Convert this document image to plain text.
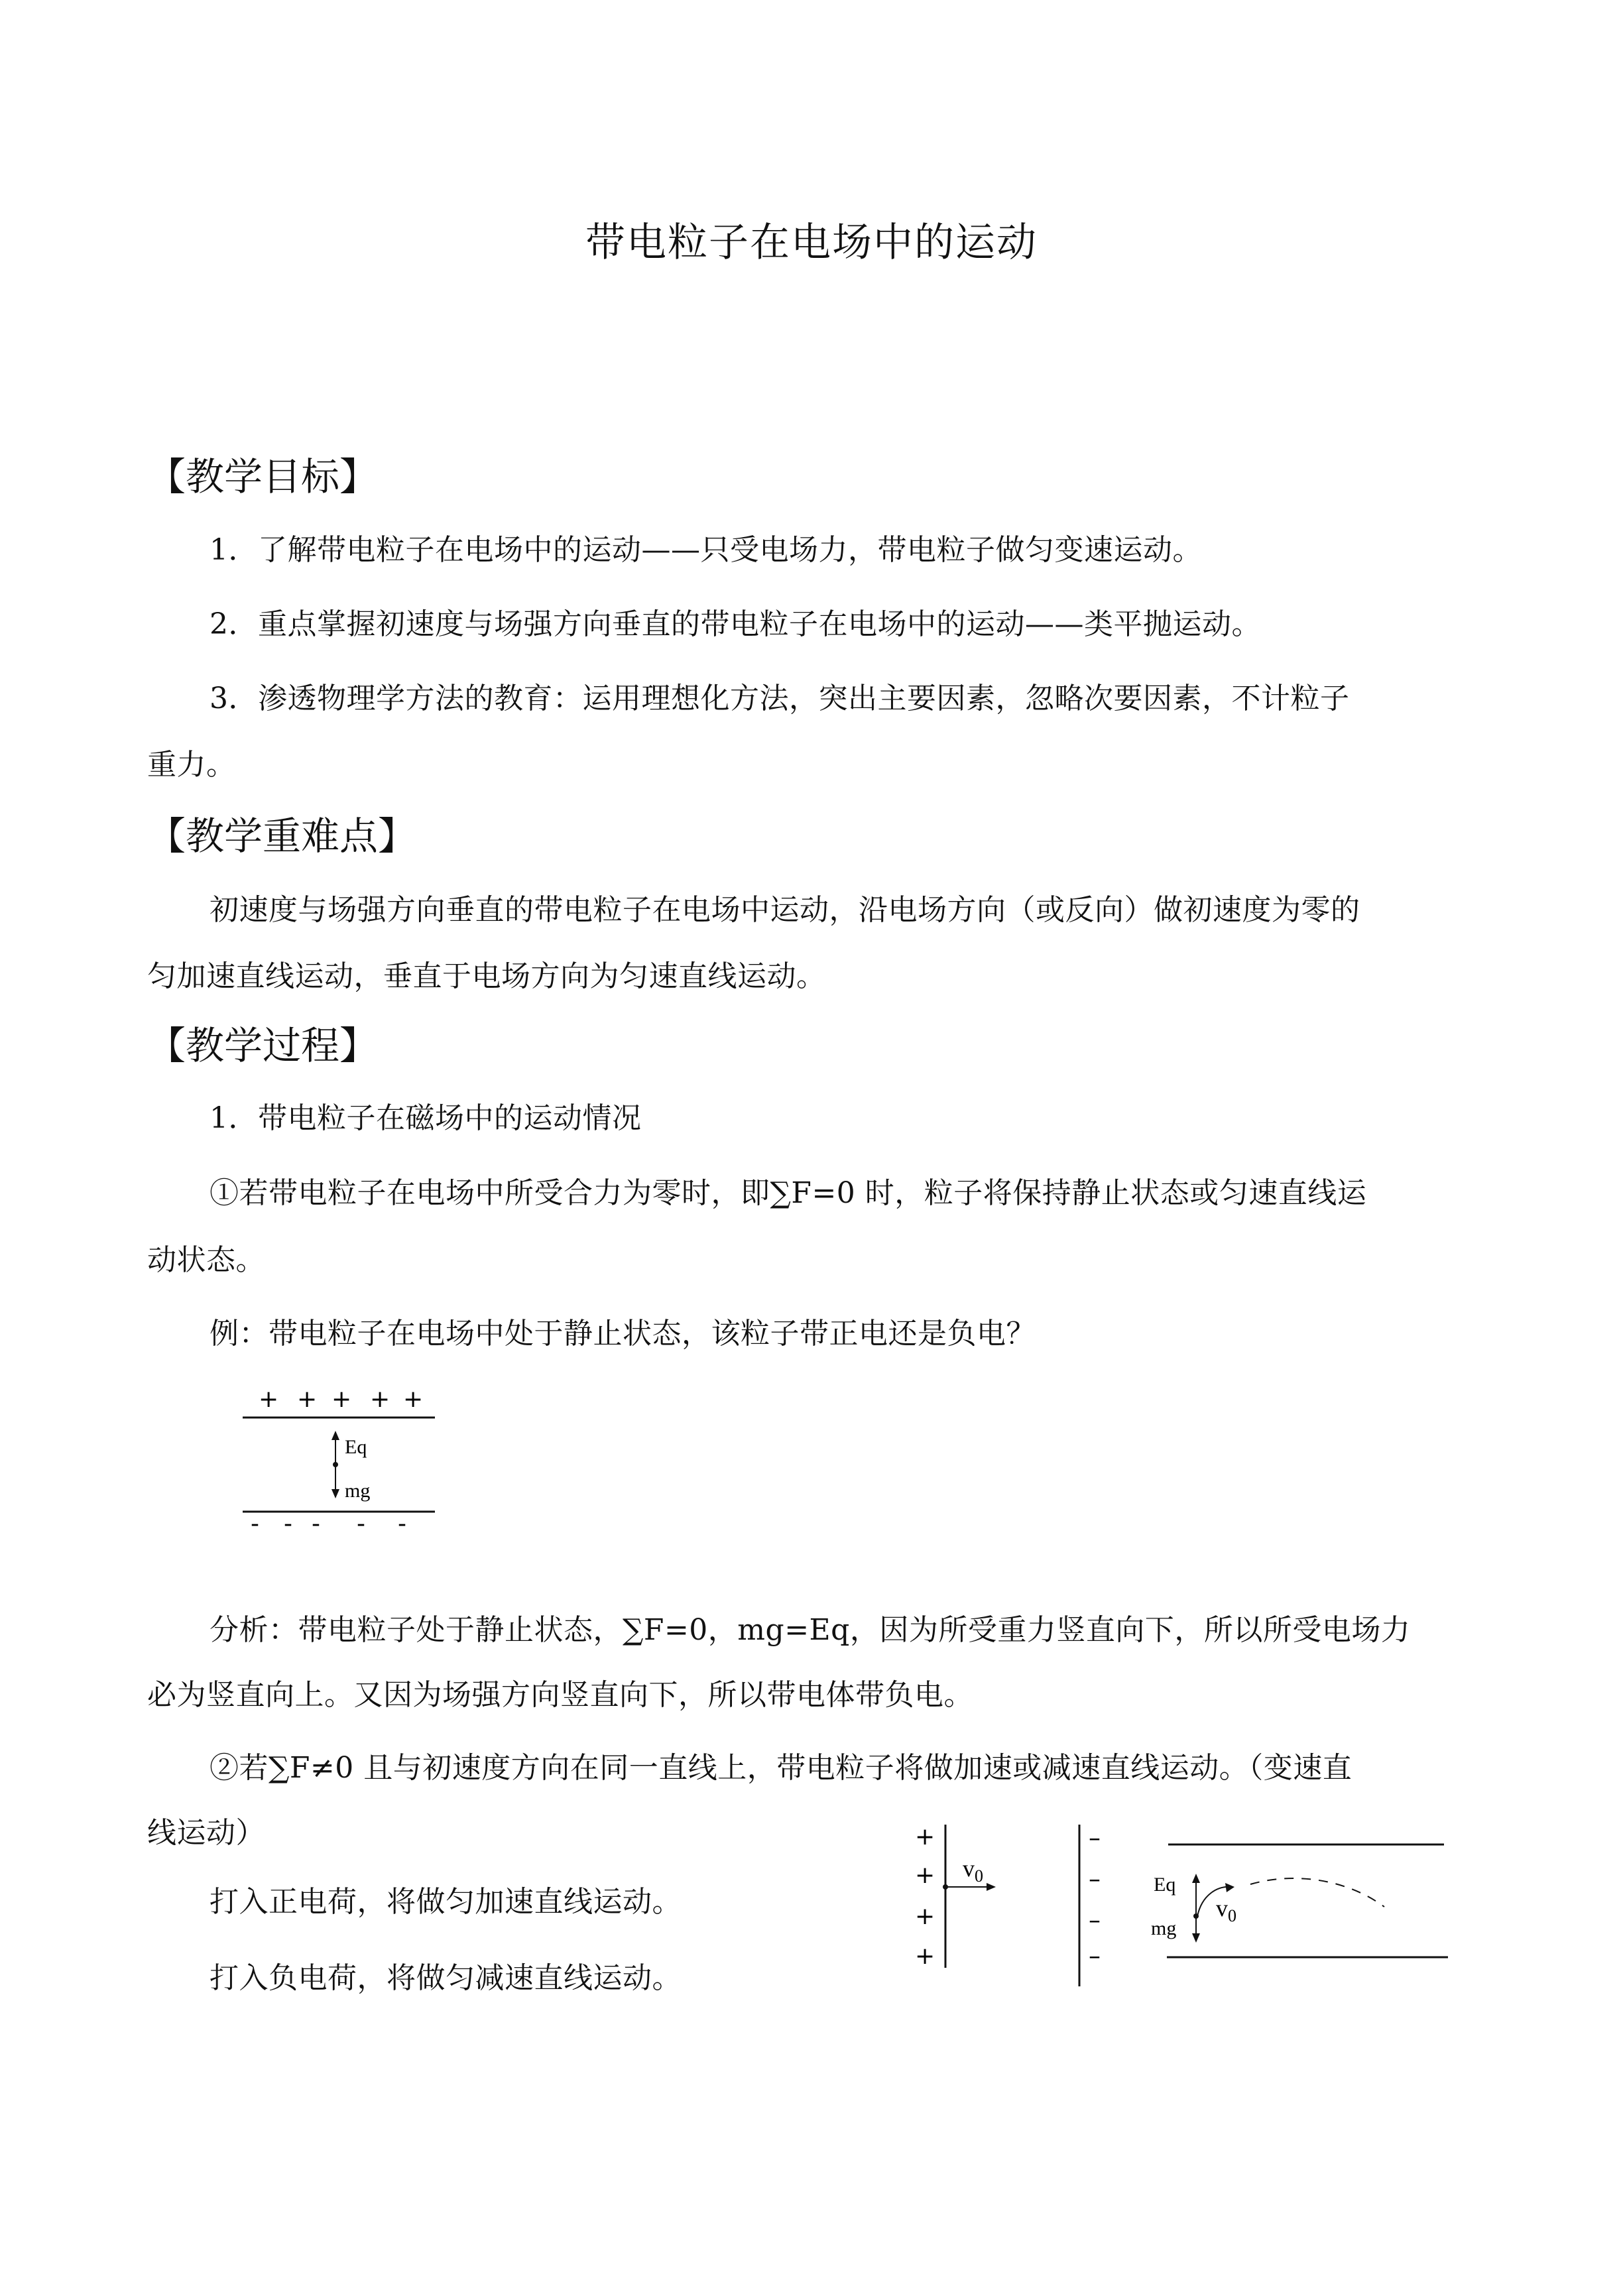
带电粒子在电场中的运动
【教学目标】
1．了解带电粒子在电场中的运动——只受电场力，带电粒子做匀变速运动。
2．重点掌握初速度与场强方向垂直的带电粒子在电场中的运动——类平抛运动。
3．渗透物理学方法的教育：运用理想化方法，突出主要因素，忽略次要因素，不计粒子
重力。
【教学重难点】
初速度与场强方向垂直的带电粒子在电场中运动，沿电场方向（或反向）做初速度为零的
匀加速直线运动，垂直于电场方向为匀速直线运动。
【教学过程】
1．带电粒子在磁场中的运动情况
①若带电粒子在电场中所受合力为零时，即∑F=0 时，粒子将保持静止状态或匀速直线运
动状态。
例：带电粒子在电场中处于静止状态，该粒子带正电还是负电？
+ + + + +
Eq
mg
- - - - -
分析：带电粒子处于静止状态，∑F=0，mg=Eq，因为所受重力竖直向下，所以所受电场力
必为竖直向上。又因为场强方向竖直向下，所以带电体带负电。
②若∑F≠0 且与初速度方向在同一直线上，带电粒子将做加速或减速直线运动。（变速直
线运动）
打入正电荷，将做匀加速直线运动。
打入负电荷，将做匀减速直线运动。
+
+
+
+
v 0
–
–
–
–
Eq
mg
v 0
